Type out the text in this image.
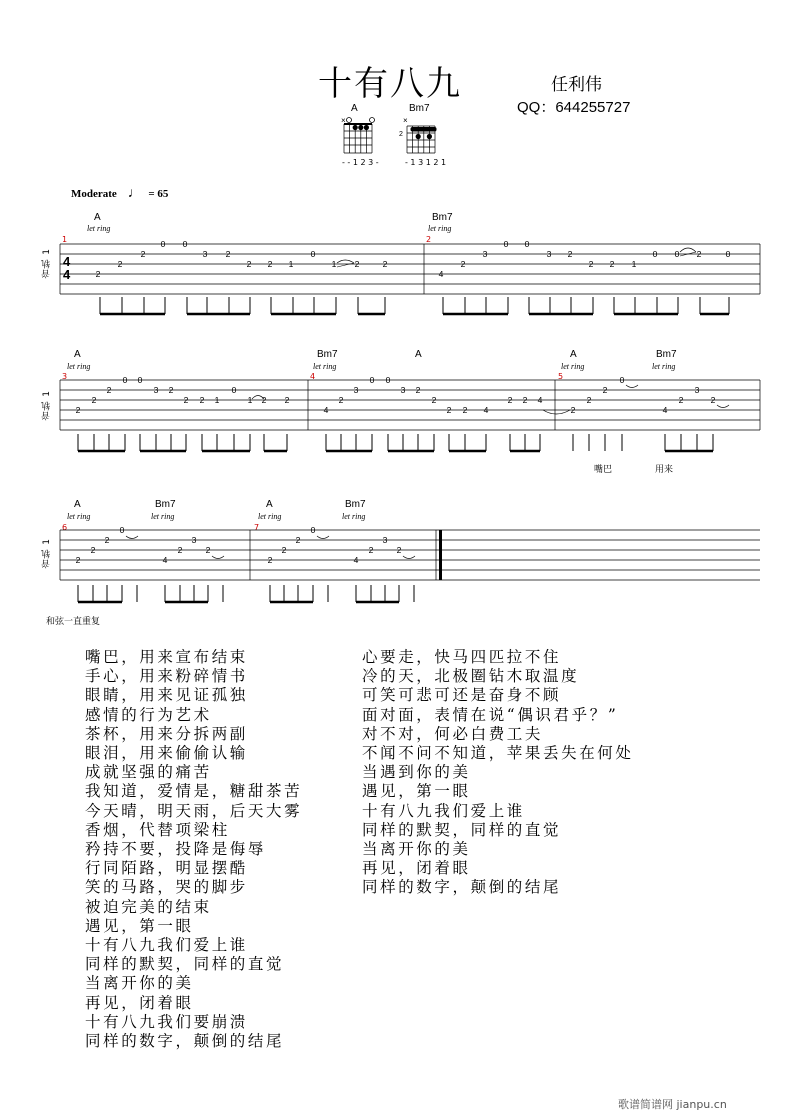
十有八九	任利伟
QQ：644255727
A	Bm7
×	×
2
- - 1 2 3 -	- 1 3 1 2 1
Moderate ♩ = 65
音轨 1
A
let ring
Bm7
let ring
1	2
4
4	2
2
2
0 0
3 2
2 2 1
0
1 2	2
4
2
3
0 0
3 2
2 2 1
0 0 2	0
音轨 1
A
let ring
Bm7
let ring
A	A
let ring
Bm7
let ring
3	4	5
2
2
2
0 0
3 2
2 2 1
0
1 2 2
4
2
3
0 0
3 2
2
2 2 4
2 2 4
2
2
2
0
4
2
3
2
嘴巴	用来
音轨 1
A
let ring
Bm7
let ring
A
let ring
Bm7
let ring
6	7
2
2
2
0
4
2
3
2
2
2
2
0
4
2
3
2
和弦一直重复
嘴巴，用来宣布结束
手心，用来粉碎情书
眼睛，用来见证孤独
感情的行为艺术
茶杯，用来分拆两副
眼泪，用来偷偷认输
成就坚强的痛苦
我知道，爱情是，糖甜茶苦
今天晴，明天雨，后天大雾
香烟，代替项梁柱
矜持不要，投降是侮辱
行同陌路，明显摆酷
笑的马路，哭的脚步
被迫完美的结束
遇见，第一眼
十有八九我们爱上谁
同样的默契，同样的直觉
当离开你的美
再见，闭着眼
十有八九我们要崩溃
同样的数字，颠倒的结尾
心要走，快马四匹拉不住
冷的天，北极圈钻木取温度
可笑可悲可还是奋身不顾
面对面，表情在说“偶识君乎？”
对不对，何必白费工夫
不闻不问不知道，苹果丢失在何处
当遇到你的美
遇见，第一眼
十有八九我们爱上谁
同样的默契，同样的直觉
当离开你的美
再见，闭着眼
同样的数字，颠倒的结尾
歌谱简谱网 jianpu.cn
